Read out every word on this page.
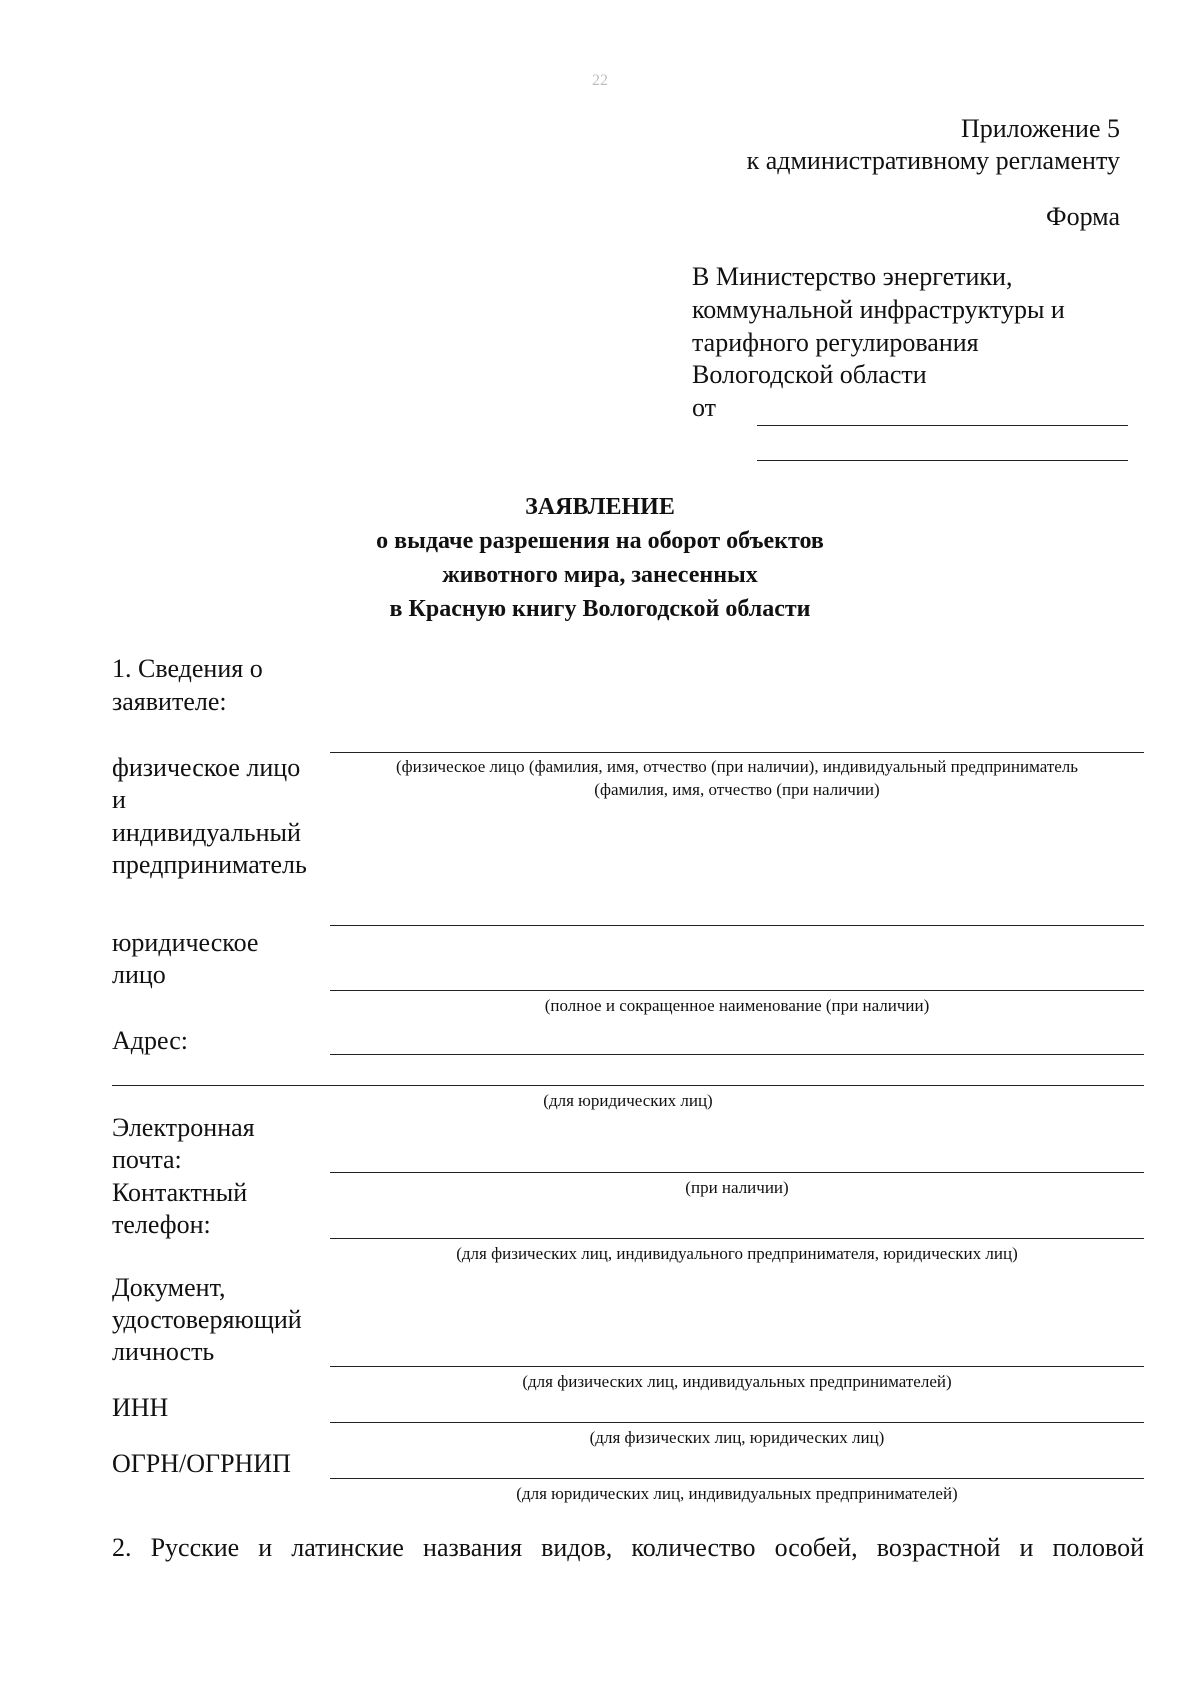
22
Приложение 5
к административному регламенту
Форма
В Министерство энергетики,
коммунальной инфраструктуры и
тарифного регулирования
Вологодской области
от
ЗАЯВЛЕНИЕ
о выдаче разрешения на оборот объектов
животного мира, занесенных
в Красную книгу Вологодской области
1. Сведения о
заявителе:
(физическое лицо (фамилия, имя, отчество (при наличии), индивидуальный предприниматель
(фамилия, имя, отчество (при наличии)
физическое лицо
и
индивидуальный
предприниматель
юридическое
лицо
(полное и сокращенное наименование (при наличии)
Адрес:
(для юридических лиц)
Электронная
почта:
(при наличии)
Контактный
телефон:
(для физических лиц, индивидуального предпринимателя, юридических лиц)
Документ,
удостоверяющий
личность
(для физических лиц, индивидуальных предпринимателей)
ИНН
(для физических лиц, юридических лиц)
ОГРН/ОГРНИП
(для юридических лиц, индивидуальных предпринимателей)
2. Русские и латинские названия видов, количество особей, возрастной и половой
